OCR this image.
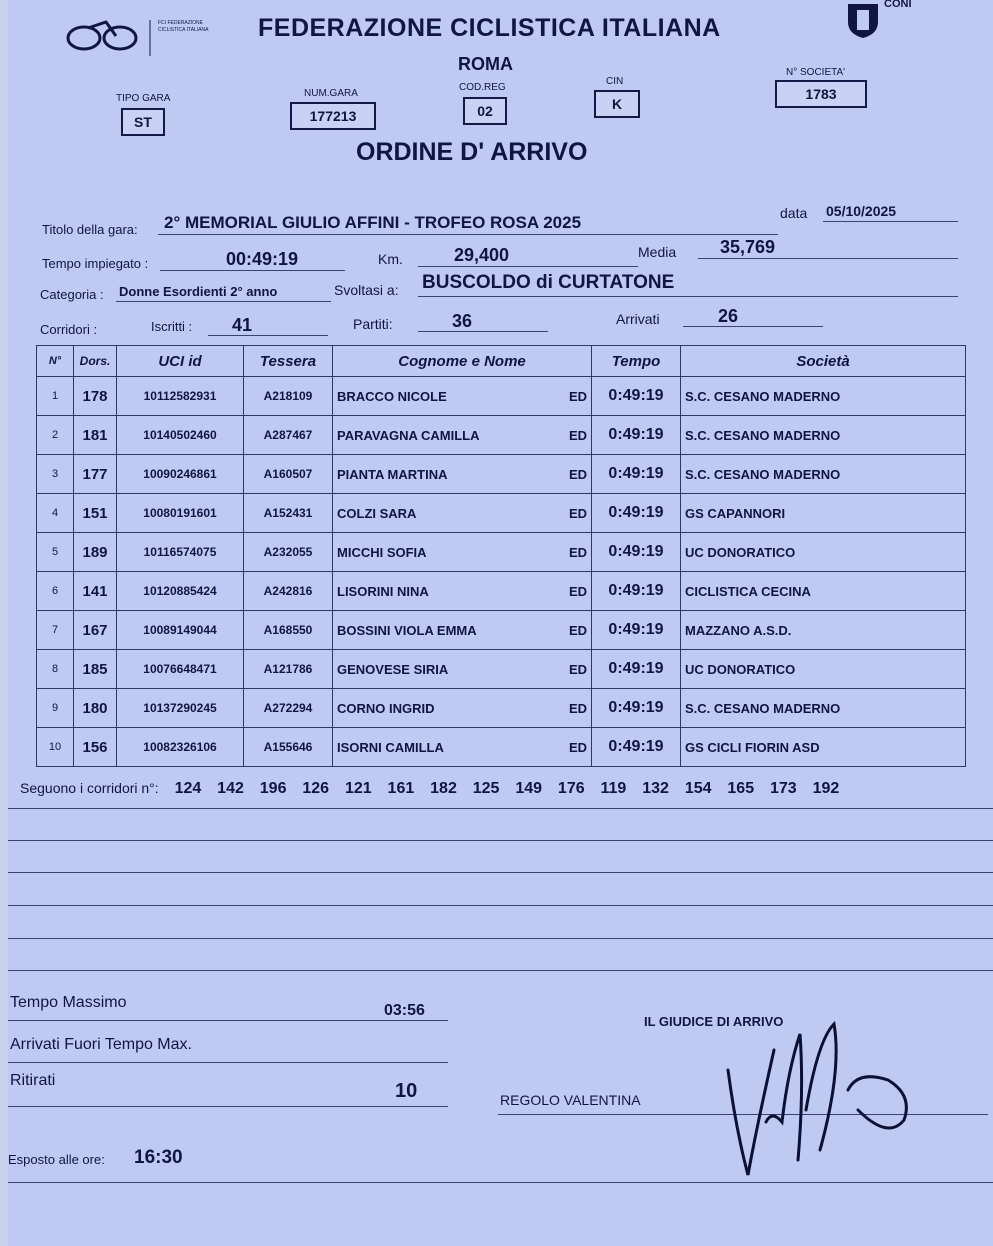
FCI FEDERAZIONE CICLISTICA ITALIANA
CONI
FEDERAZIONE CICLISTICA ITALIANA
ROMA
TIPO GARA
ST
NUM.GARA
177213
COD.REG
02
CIN
K
N° SOCIETA'
1783
ORDINE D' ARRIVO
Titolo della gara: 2° MEMORIAL GIULIO AFFINI - TROFEO ROSA 2025	data 05/10/2025
Tempo impiegato :	00:49:19	Km.	29,400	Media 35,769
Categoria : Donne Esordienti 2° anno	Svoltasi a: BUSCOLDO di CURTATONE
Corridori :	Iscritti : 41	Partiti:	36	Arrivati	26
N°	Dors.	UCI id	Tessera	Cognome e Nome	Tempo	Società
1	178	10112582931	A218109	BRACCO NICOLE ED	0:49:19	S.C. CESANO MADERNO
2	181	10140502460	A287467	PARAVAGNA CAMILLA ED	0:49:19	S.C. CESANO MADERNO
3	177	10090246861	A160507	PIANTA MARTINA ED	0:49:19	S.C. CESANO MADERNO
4	151	10080191601	A152431	COLZI SARA ED	0:49:19	GS CAPANNORI
5	189	10116574075	A232055	MICCHI SOFIA ED	0:49:19	UC DONORATICO
6	141	10120885424	A242816	LISORINI NINA ED	0:49:19	CICLISTICA CECINA
7	167	10089149044	A168550	BOSSINI VIOLA EMMA ED	0:49:19	MAZZANO A.S.D.
8	185	10076648471	A121786	GENOVESE SIRIA ED	0:49:19	UC DONORATICO
9	180	10137290245	A272294	CORNO INGRID ED	0:49:19	S.C. CESANO MADERNO
10	156	10082326106	A155646	ISORNI CAMILLA ED	0:49:19	GS CICLI FIORIN ASD
Seguono i corridori n°: 124 142 196 126 121 161 182 125 149 176 119 132 154 165 173 192
Tempo Massimo	03:56
Arrivati Fuori Tempo Max.
Ritirati	10
IL GIUDICE DI ARRIVO
REGOLO VALENTINA
Esposto alle ore: 16:30
